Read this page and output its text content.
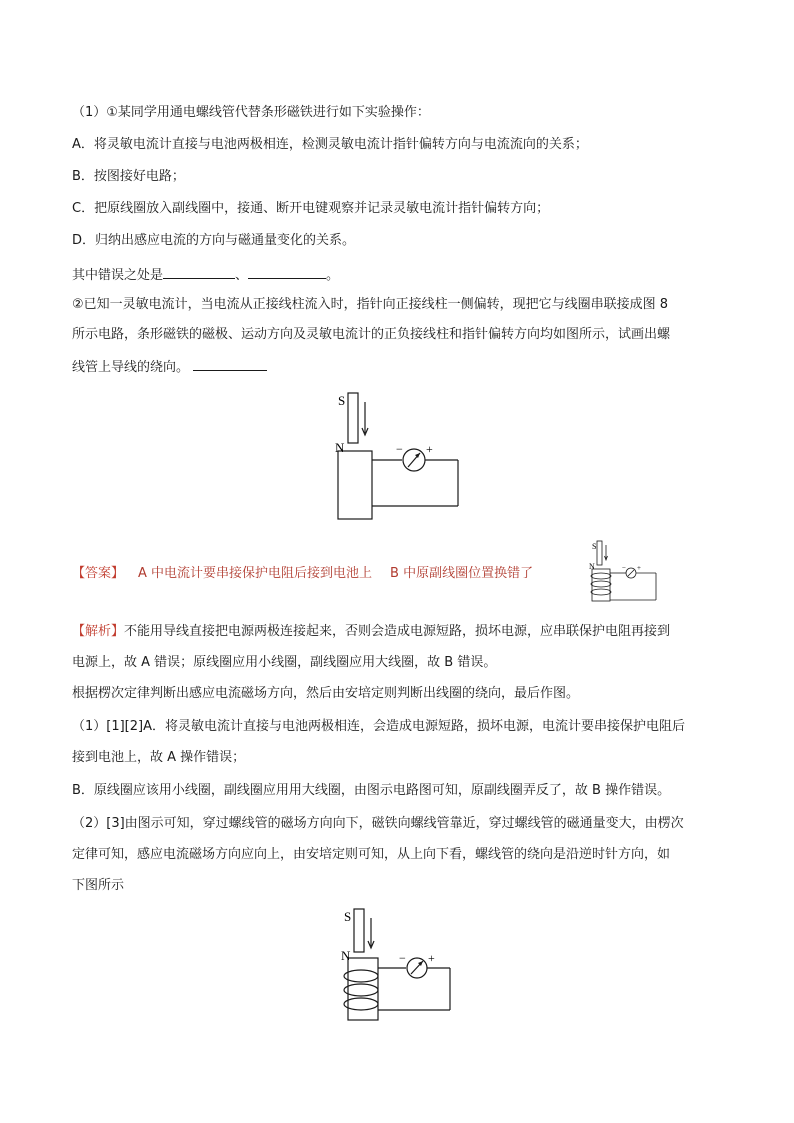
（1）①某同学用通电螺线管代替条形磁铁进行如下实验操作：
A．将灵敏电流计直接与电池两极相连，检测灵敏电流计指针偏转方向与电流流向的关系；
B．按图接好电路；
C．把原线圈放入副线圈中，接通、断开电键观察并记录灵敏电流计指针偏转方向；
D．归纳出感应电流的方向与磁通量变化的关系。
其中错误之处是	、	。
②已知一灵敏电流计，当电流从正接线柱流入时，指针向正接线柱一侧偏转，现把它与线圈串联接成图 8
所示电路，条形磁铁的磁极、运动方向及灵敏电流计的正负接线柱和指针偏转方向均如图所示，试画出螺
线管上导线的绕向。
S
N	− +
【答案】 A 中电流计要串接保护电阻后接到电池上 B 中原副线圈位置换错了
S
N	− +
【解析】不能用导线直接把电源两极连接起来，否则会造成电源短路，损坏电源，应串联保护电阻再接到
电源上，故 A 错误；原线圈应用小线圈，副线圈应用大线圈，故 B 错误。
根据楞次定律判断出感应电流磁场方向，然后由安培定则判断出线圈的绕向，最后作图。
（1）[1][2]A．将灵敏电流计直接与电池两极相连，会造成电源短路，损坏电源，电流计要串接保护电阻后
接到电池上，故 A 操作错误；
B．原线圈应该用小线圈，副线圈应用用大线圈，由图示电路图可知，原副线圈弄反了，故 B 操作错误。
（2）[3]由图示可知，穿过螺线管的磁场方向向下，磁铁向螺线管靠近，穿过螺线管的磁通量变大，由楞次
定律可知，感应电流磁场方向应向上，由安培定则可知，从上向下看，螺线管的绕向是沿逆时针方向，如
下图所示
S
N	− +
